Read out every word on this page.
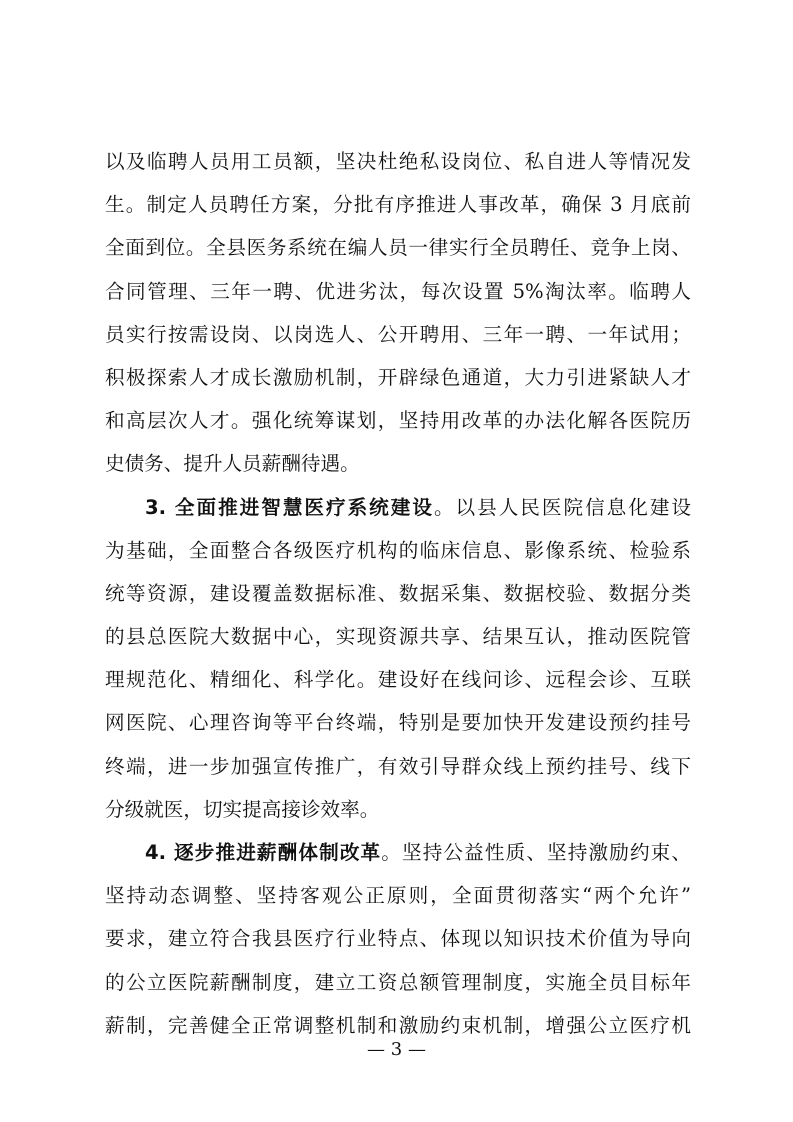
以及临聘人员用工员额，坚决杜绝私设岗位、私自进人等情况发
生。制定人员聘任方案，分批有序推进人事改革，确保 3 月底前
全面到位。全县医务系统在编人员一律实行全员聘任、竞争上岗、
合同管理、三年一聘、优进劣汰，每次设置 5%淘汰率。临聘人
员实行按需设岗、以岗选人、公开聘用、三年一聘、一年试用；
积极探索人才成长激励机制，开辟绿色通道，大力引进紧缺人才
和高层次人才。强化统筹谋划，坚持用改革的办法化解各医院历
史债务、提升人员薪酬待遇。
3. 全面推进智慧医疗系统建设。以县人民医院信息化建设
为基础，全面整合各级医疗机构的临床信息、影像系统、检验系
统等资源，建设覆盖数据标准、数据采集、数据校验、数据分类
的县总医院大数据中心，实现资源共享、结果互认，推动医院管
理规范化、精细化、科学化。建设好在线问诊、远程会诊、互联
网医院、心理咨询等平台终端，特别是要加快开发建设预约挂号
终端，进一步加强宣传推广，有效引导群众线上预约挂号、线下
分级就医，切实提高接诊效率。
4. 逐步推进薪酬体制改革。坚持公益性质、坚持激励约束、
坚持动态调整、坚持客观公正原则，全面贯彻落实“两个允许”
要求，建立符合我县医疗行业特点、体现以知识技术价值为导向
的公立医院薪酬制度，建立工资总额管理制度，实施全员目标年
薪制，完善健全正常调整机制和激励约束机制，增强公立医疗机
— 3 —
